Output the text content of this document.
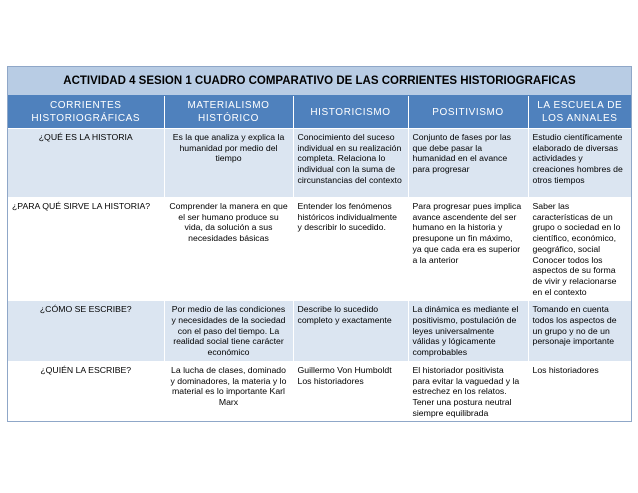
ACTIVIDAD 4 SESION 1 CUADRO COMPARATIVO DE LAS CORRIENTES HISTORIOGRAFICAS
CORRIENTES HISTORIOGRÁFICAS	MATERIALISMO HISTÓRICO	HISTORICISMO	POSITIVISMO	LA ESCUELA DE LOS ANNALES
¿QUÉ ES LA HISTORIA	Es la que analiza y explica la humanidad por medio del tiempo	Conocimiento del suceso individual en su realización completa. Relaciona lo individual con la suma de circunstancias del contexto	Conjunto de fases por las que debe pasar la humanidad en el avance para progresar	Estudio científicamente elaborado de diversas actividades y creaciones hombres de otros tiempos
¿PARA QUÉ SIRVE LA HISTORIA?	Comprender la manera en que el ser humano produce su vida, da solución a sus necesidades básicas	Entender los fenómenos históricos individualmente y describir lo sucedido.	Para progresar pues implica avance ascendente del ser humano en la historia y presupone un fin máximo, ya que cada era es superior a la anterior	Saber las características de un grupo o sociedad en lo científico, económico, geográfico, social Conocer todos los aspectos de su forma de vivir y relacionarse en el contexto
¿CÓMO SE ESCRIBE?	Por medio de las condiciones y necesidades de la sociedad con el paso del tiempo. La realidad social tiene carácter económico	Describe lo sucedido completo y exactamente	La dinámica es mediante el positivismo, postulación de leyes universalmente válidas y lógicamente comprobables	Tomando en cuenta todos los aspectos de un grupo y no de un personaje importante
¿QUIÉN LA ESCRIBE?	La lucha de clases, dominado y dominadores, la materia y lo material es lo importante Karl Marx	Guillermo Von Humboldt Los historiadores	El historiador positivista para evitar la vaguedad y la estrechez en los relatos. Tener una postura neutral siempre equilibrada	Los historiadores
